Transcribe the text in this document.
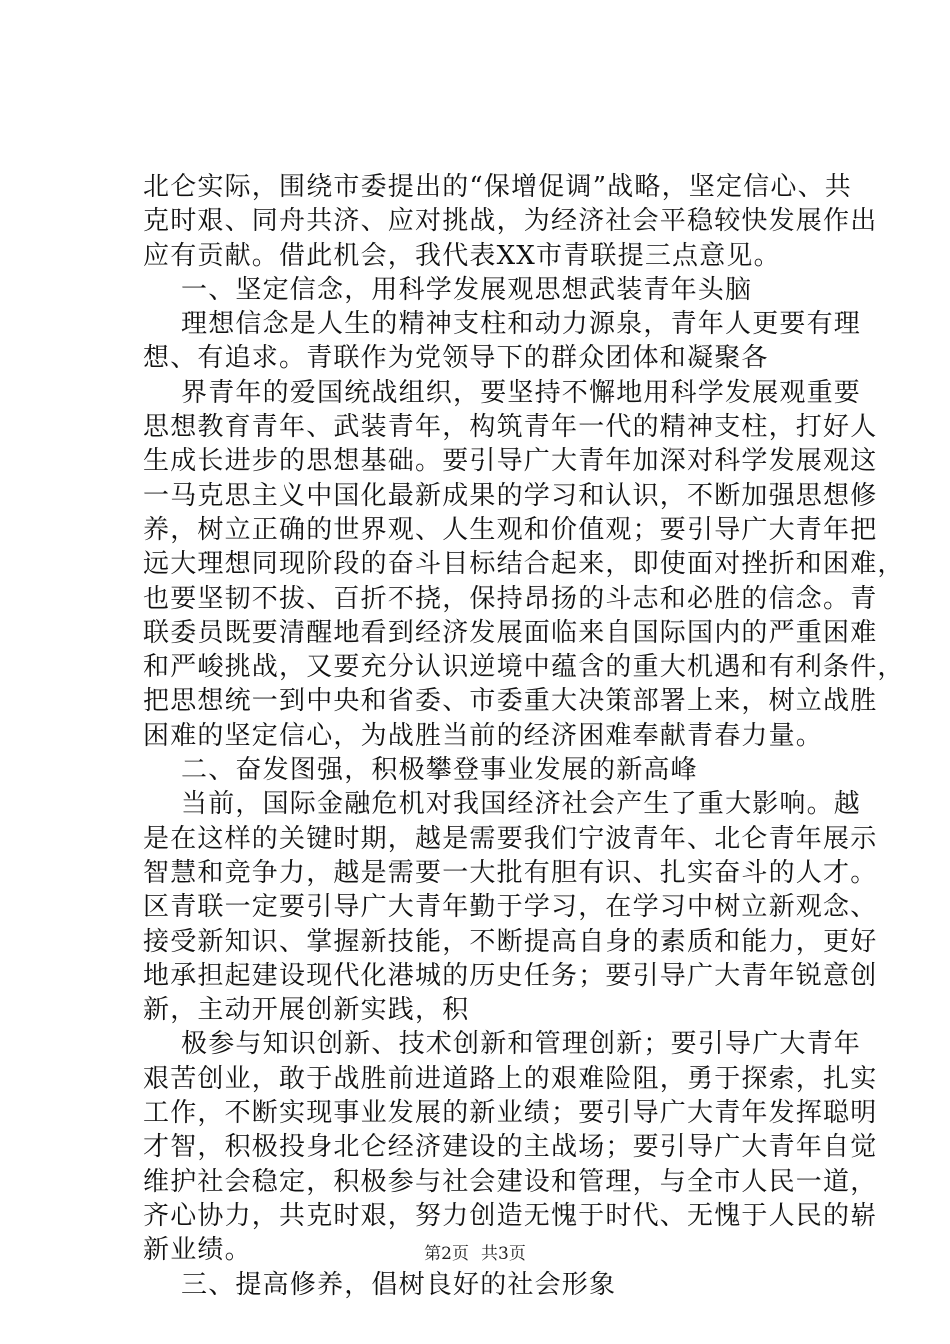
北仑实际，围绕市委提出的“保增促调”战略，坚定信心、共
克时艰、同舟共济、应对挑战，为经济社会平稳较快发展作出
应有贡献。借此机会，我代表XX市青联提三点意见。
一、坚定信念，用科学发展观思想武装青年头脑
理想信念是人生的精神支柱和动力源泉，青年人更要有理
想、有追求。青联作为党领导下的群众团体和凝聚各
界青年的爱国统战组织，要坚持不懈地用科学发展观重要
思想教育青年、武装青年，构筑青年一代的精神支柱，打好人
生成长进步的思想基础。要引导广大青年加深对科学发展观这
一马克思主义中国化最新成果的学习和认识，不断加强思想修
养，树立正确的世界观、人生观和价值观；要引导广大青年把
远大理想同现阶段的奋斗目标结合起来，即使面对挫折和困难，
也要坚韧不拔、百折不挠，保持昂扬的斗志和必胜的信念。青
联委员既要清醒地看到经济发展面临来自国际国内的严重困难
和严峻挑战，又要充分认识逆境中蕴含的重大机遇和有利条件，
把思想统一到中央和省委、市委重大决策部署上来，树立战胜
困难的坚定信心，为战胜当前的经济困难奉献青春力量。
二、奋发图强，积极攀登事业发展的新高峰
当前，国际金融危机对我国经济社会产生了重大影响。越
是在这样的关键时期，越是需要我们宁波青年、北仑青年展示
智慧和竞争力，越是需要一大批有胆有识、扎实奋斗的人才。
区青联一定要引导广大青年勤于学习，在学习中树立新观念、
接受新知识、掌握新技能，不断提高自身的素质和能力，更好
地承担起建设现代化港城的历史任务；要引导广大青年锐意创
新，主动开展创新实践，积
极参与知识创新、技术创新和管理创新；要引导广大青年
艰苦创业，敢于战胜前进道路上的艰难险阻，勇于探索，扎实
工作，不断实现事业发展的新业绩；要引导广大青年发挥聪明
才智，积极投身北仑经济建设的主战场；要引导广大青年自觉
维护社会稳定，积极参与社会建设和管理，与全市人民一道，
齐心协力，共克时艰，努力创造无愧于时代、无愧于人民的崭
新业绩。
三、提高修养，倡树良好的社会形象
第2页 共3页
